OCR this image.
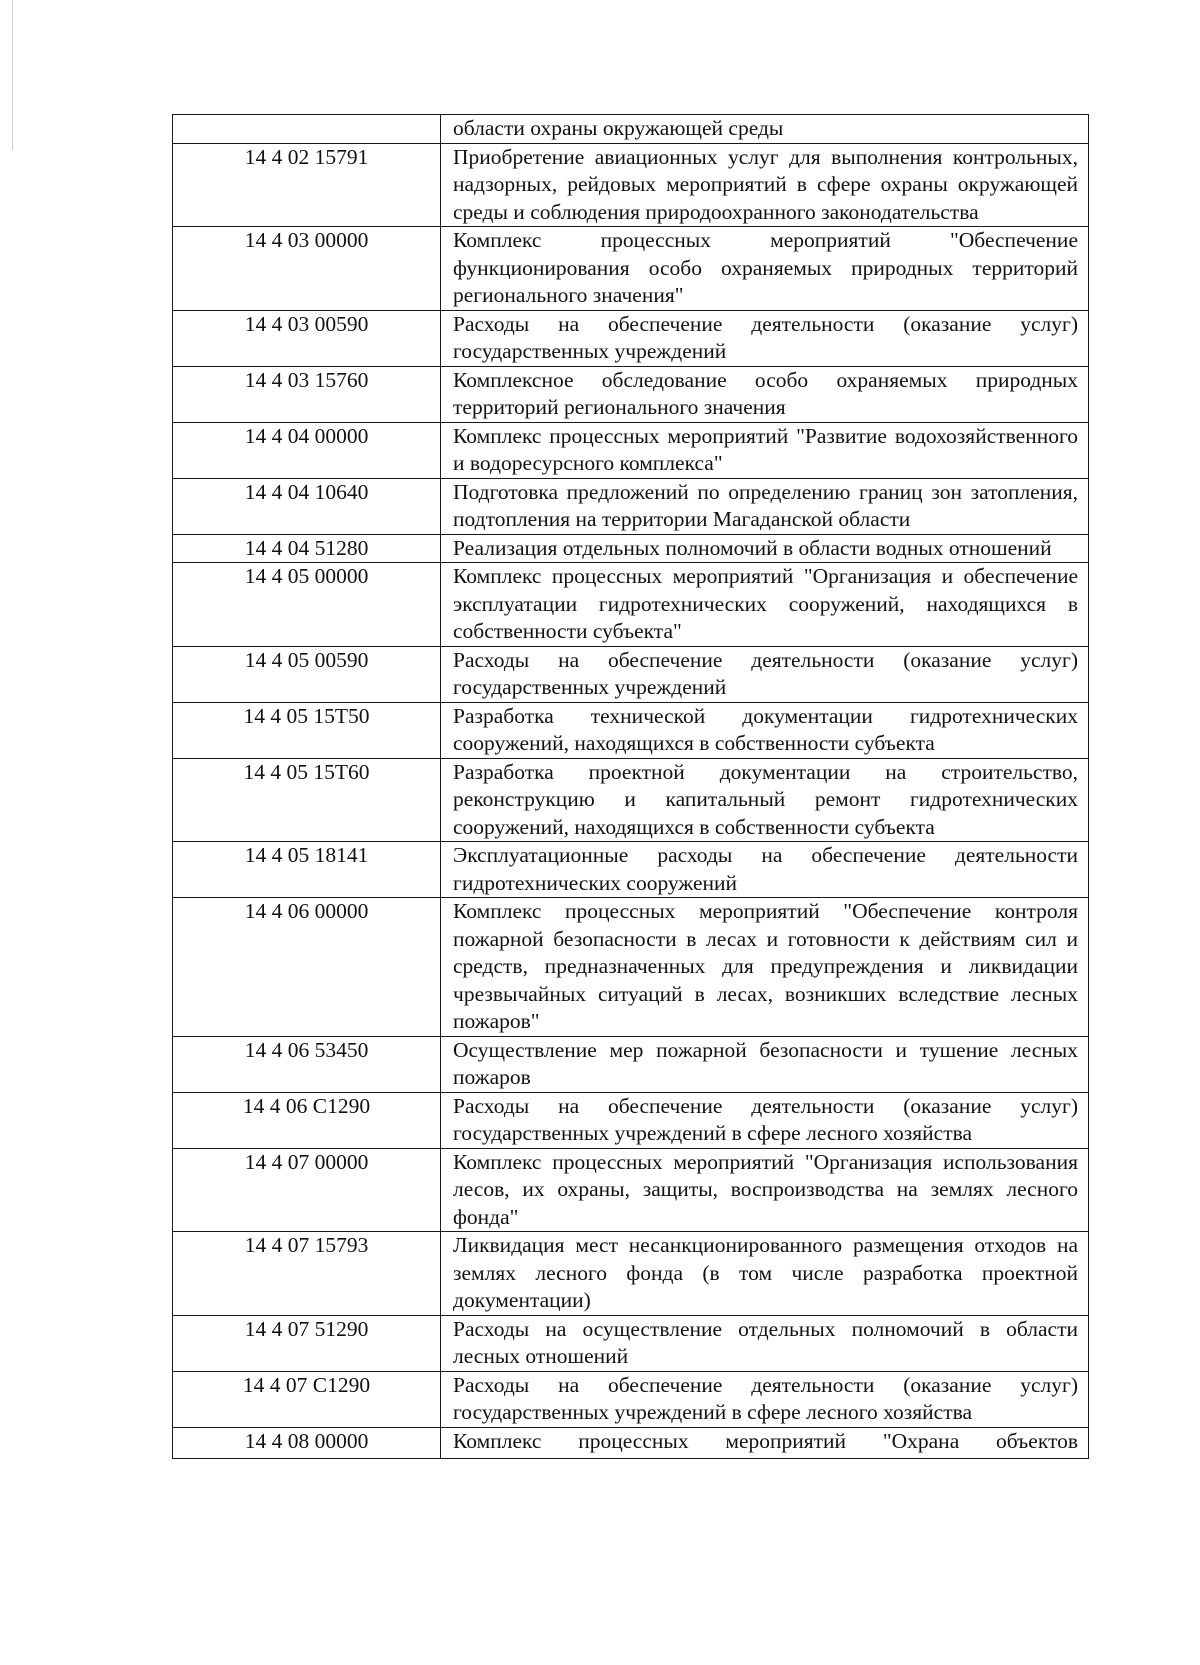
	области охраны окружающей среды
14 4 02 15791	Приобретение авиационных услуг для выполнения контрольных, надзорных, рейдовых мероприятий в сфере охраны окружающей среды и соблюдения природоохранного законодательства
14 4 03 00000	Комплекс процессных мероприятий "Обеспечение функционирования особо охраняемых природных территорий регионального значения"
14 4 03 00590	Расходы на обеспечение деятельности (оказание услуг) государственных учреждений
14 4 03 15760	Комплексное обследование особо охраняемых природных территорий регионального значения
14 4 04 00000	Комплекс процессных мероприятий "Развитие водохозяйственного и водоресурсного комплекса"
14 4 04 10640	Подготовка предложений по определению границ зон затопления, подтопления на территории Магаданской области
14 4 04 51280	Реализация отдельных полномочий в области водных отношений
14 4 05 00000	Комплекс процессных мероприятий "Организация и обеспечение эксплуатации гидротехнических сооружений, находящихся в собственности субъекта"
14 4 05 00590	Расходы на обеспечение деятельности (оказание услуг) государственных учреждений
14 4 05 15Т50	Разработка технической документации гидротехнических сооружений, находящихся в собственности субъекта
14 4 05 15Т60	Разработка проектной документации на строительство, реконструкцию и капитальный ремонт гидротехнических сооружений, находящихся в собственности субъекта
14 4 05 18141	Эксплуатационные расходы на обеспечение деятельности гидротехнических сооружений
14 4 06 00000	Комплекс процессных мероприятий "Обеспечение контроля пожарной безопасности в лесах и готовности к действиям сил и средств, предназначенных для предупреждения и ликвидации чрезвычайных ситуаций в лесах, возникших вследствие лесных пожаров"
14 4 06 53450	Осуществление мер пожарной безопасности и тушение лесных пожаров
14 4 06 С1290	Расходы на обеспечение деятельности (оказание услуг) государственных учреждений в сфере лесного хозяйства
14 4 07 00000	Комплекс процессных мероприятий "Организация использования лесов, их охраны, защиты, воспроизводства на землях лесного фонда"
14 4 07 15793	Ликвидация мест несанкционированного размещения отходов на землях лесного фонда (в том числе разработка проектной документации)
14 4 07 51290	Расходы на осуществление отдельных полномочий в области лесных отношений
14 4 07 С1290	Расходы на обеспечение деятельности (оказание услуг) государственных учреждений в сфере лесного хозяйства
14 4 08 00000	Комплекс процессных мероприятий "Охрана объектов
